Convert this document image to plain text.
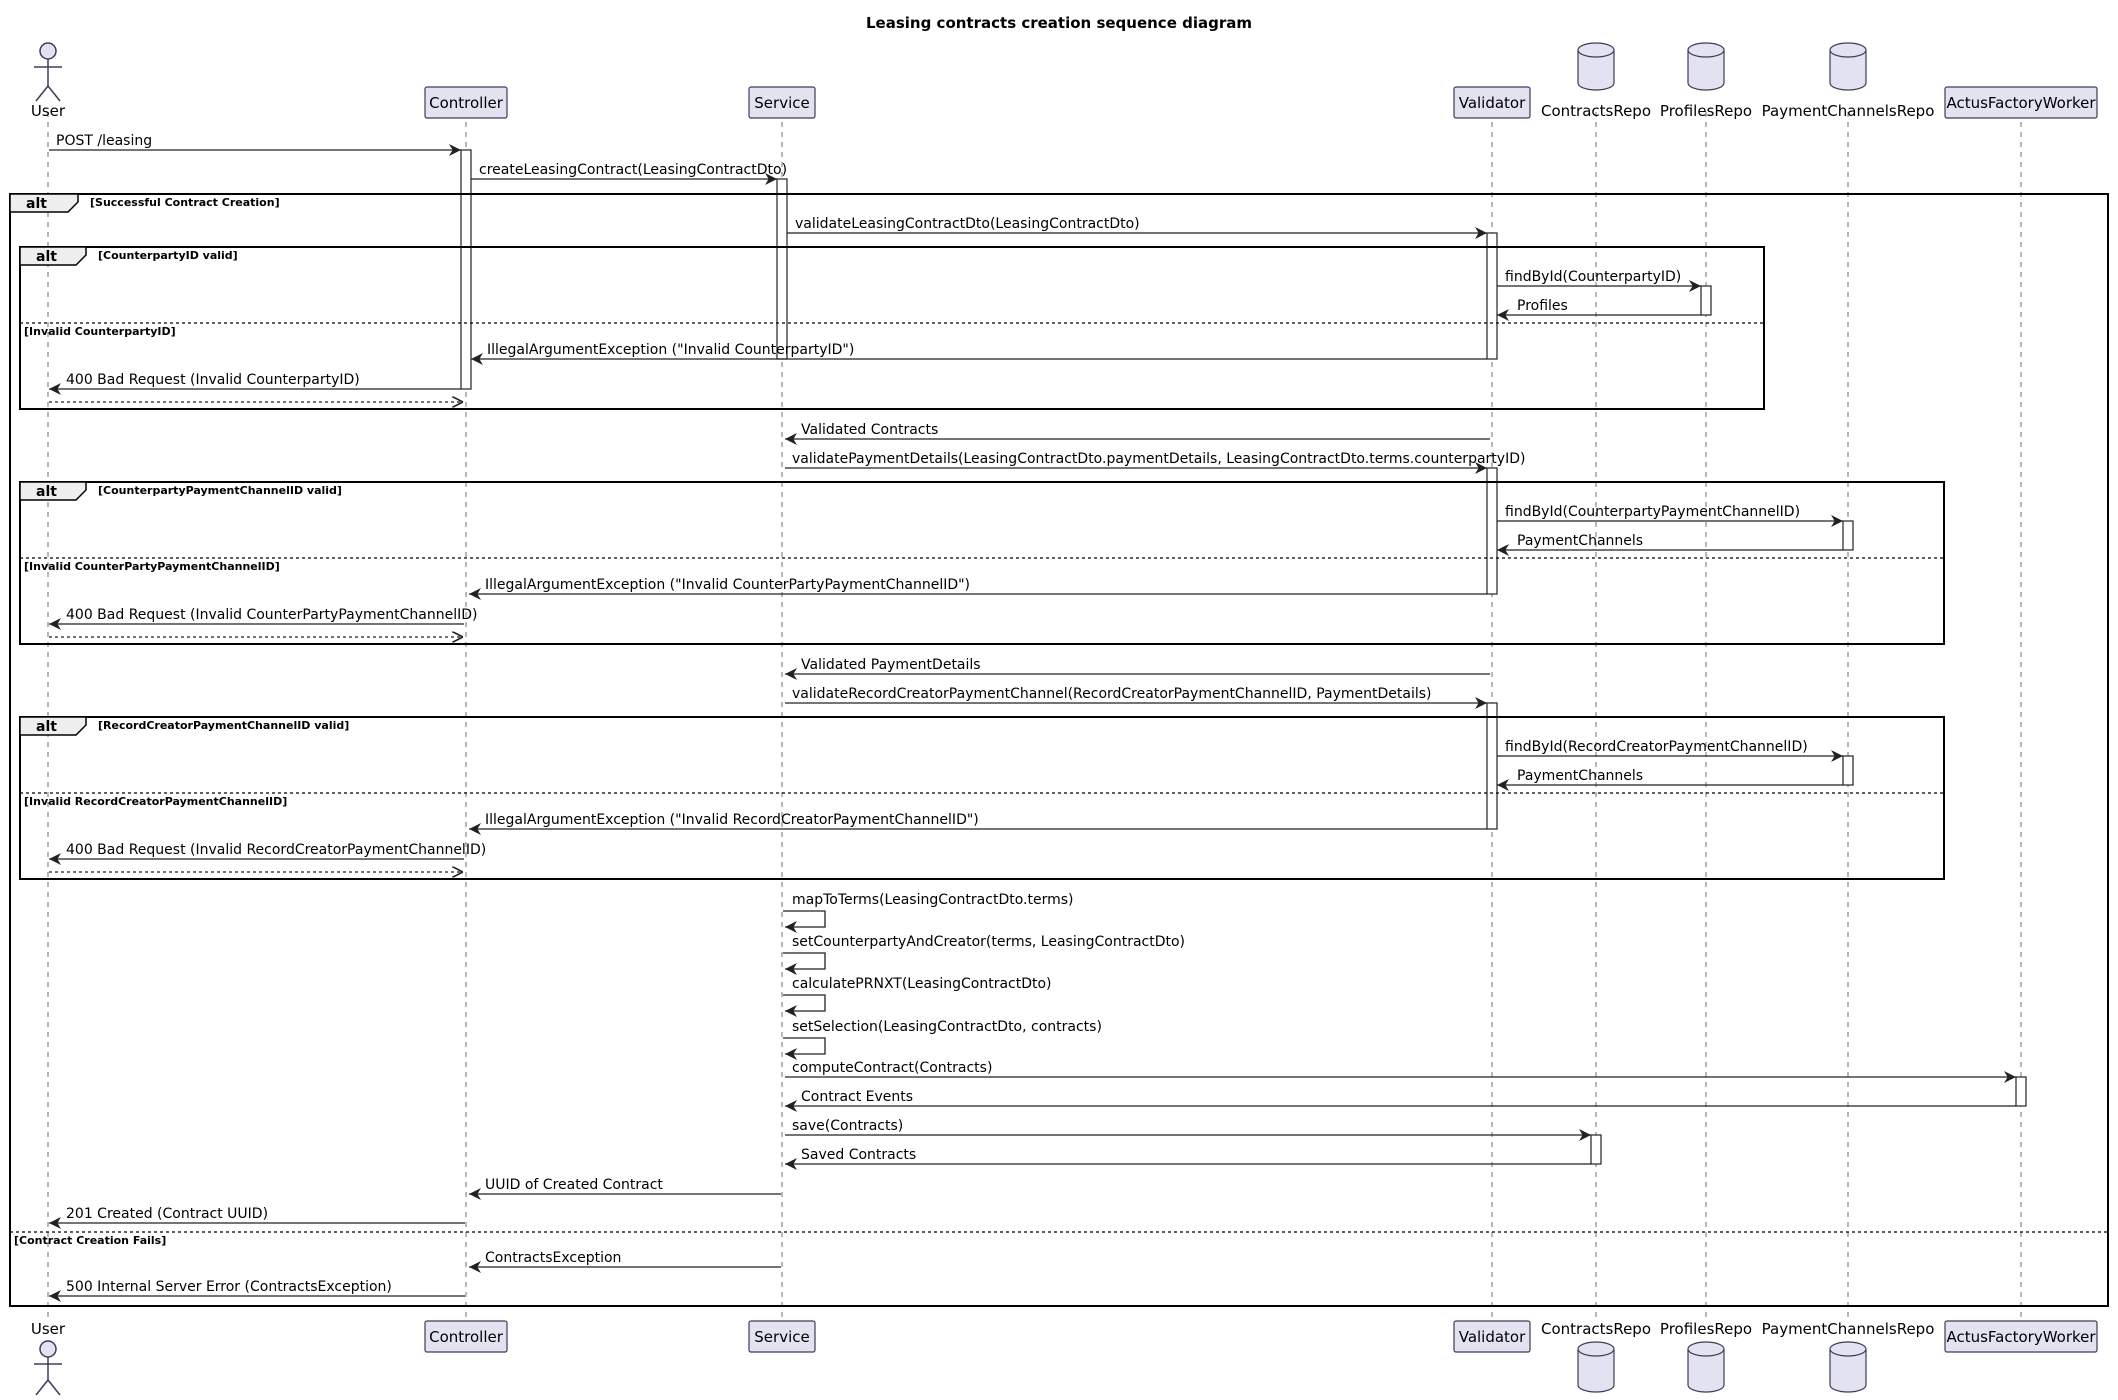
Leasing contracts creation sequence diagram
User	Controller	Service	Validator ContractsRepo ProfilesRepo PaymentChannelsRepo ActusFactoryWorker
User	Controller	Service	Validator ContractsRepo ProfilesRepo PaymentChannelsRepo ActusFactoryWorker
alt	[Successful Contract Creation]
[Contract Creation Fails]
alt	[CounterpartyID valid]
[Invalid CounterpartyID]
alt	[CounterpartyPaymentChannelID valid]
[Invalid CounterPartyPaymentChannelID]
alt	[RecordCreatorPaymentChannelID valid]
[Invalid RecordCreatorPaymentChannelID]
POST /leasing
createLeasingContract(LeasingContractDto)
validateLeasingContractDto(LeasingContractDto)
findById(CounterpartyID)
Profiles
IllegalArgumentException ("Invalid CounterpartyID")
400 Bad Request (Invalid CounterpartyID)
Validated Contracts
validatePaymentDetails(LeasingContractDto.paymentDetails, LeasingContractDto.terms.counterpartyID)
findById(CounterpartyPaymentChannelID)
PaymentChannels
IllegalArgumentException ("Invalid CounterPartyPaymentChannelID")
400 Bad Request (Invalid CounterPartyPaymentChannelID)
Validated PaymentDetails
validateRecordCreatorPaymentChannel(RecordCreatorPaymentChannelID, PaymentDetails)
findById(RecordCreatorPaymentChannelID)
PaymentChannels
IllegalArgumentException ("Invalid RecordCreatorPaymentChannelID")
400 Bad Request (Invalid RecordCreatorPaymentChannelID)
mapToTerms(LeasingContractDto.terms)
setCounterpartyAndCreator(terms, LeasingContractDto)
calculatePRNXT(LeasingContractDto)
setSelection(LeasingContractDto, contracts)
computeContract(Contracts)
Contract Events
save(Contracts)
Saved Contracts
UUID of Created Contract
201 Created (Contract UUID)
ContractsException
500 Internal Server Error (ContractsException)
